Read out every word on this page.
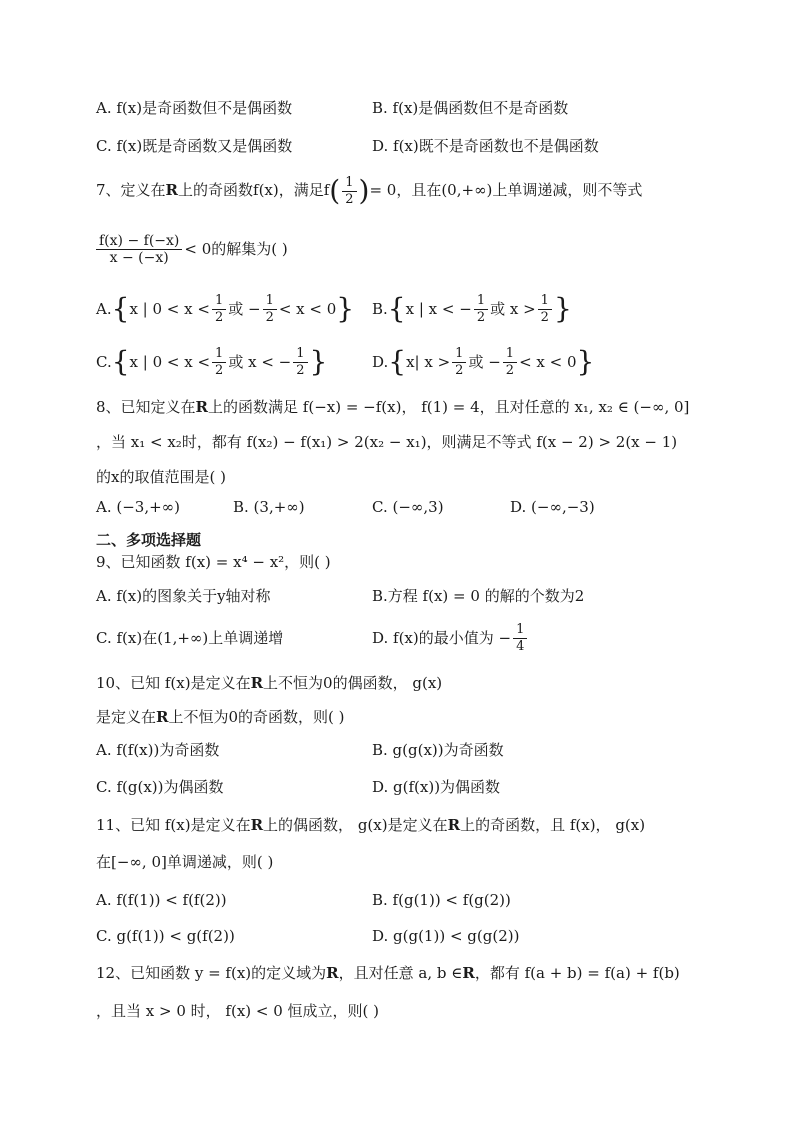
A. f(x)是奇函数但不是偶函数	B. f(x)是偶函数但不是奇函数
C. f(x)既是奇函数又是偶函数	D. f(x)既不是奇函数也不是偶函数
7、定义在R上的奇函数f(x)，满足$f( \frac{1}{2}$ )= 0，且在(0,+∞)上单调递减，则不等式
$\frac{f(x) - f(-x)}{x - (-x)} < 0$的解集为( )
A.{x | $0 < x < \frac{1}{2}$ 或 − $\frac{1}{2} < x < 0$} B.{x | x < − $\frac{1}{2}$ 或 $x > \frac{1}{2}$ }
C.{x | $0 < x < \frac{1}{2}$ 或 x < − $\frac{1}{2}$ }	D.{x| $x > \frac{1}{2}$ 或 − $\frac{1}{2} < x < 0$}
8、已知定义在R上的函数满足 f(−x) = −f(x)， f(1) = 4，且对任意的 x₁, x₂ ∈ (−∞, 0]
，当 x₁ < x₂时，都有 f(x₂) − f(x₁) > 2(x₂ − x₁)，则满足不等式 f(x − 2) > 2(x − 1)
的x的取值范围是( )
A. (−3,+∞)	B. (3,+∞)	C. (−∞,3)	D. (−∞,−3)
二、多项选择题
9、已知函数 f(x) = x⁴ − x²，则( )
A. f(x)的图象关于y轴对称	B.方程 f(x) = 0 的解的个数为2
C. f(x)在(1,+∞)上单调递增	D. f(x)的最小值为 − $\frac{1}{4}$
10、已知 f(x)是定义在R上不恒为0的偶函数， g(x)
是定义在R上不恒为0的奇函数，则( )
A. f(f(x))为奇函数	B. g(g(x))为奇函数
C. f(g(x))为偶函数	D. g(f(x))为偶函数
11、已知 f(x)是定义在R上的偶函数， g(x)是定义在R上的奇函数，且 f(x)， g(x)
在[−∞, 0]单调递减，则( )
A. f(f(1)) < f(f(2))	B. f(g(1)) < f(g(2))
C. g(f(1)) < g(f(2))	D. g(g(1)) < g(g(2))
12、已知函数 y = f(x)的定义域为R，且对任意 a, b ∈R，都有 f(a + b) = f(a) + f(b)
，且当 x > 0 时， f(x) < 0 恒成立，则( )
